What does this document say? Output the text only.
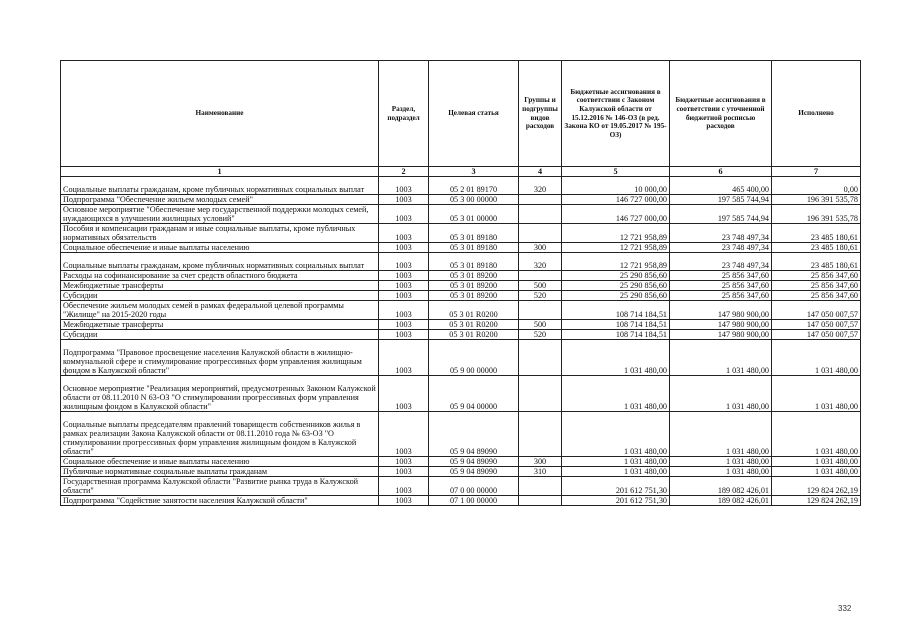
Наименование	Раздел, подраздел	Целевая статья	Группы и подгруппы видов расходов	Бюджетные ассигнования в соответствии с Законом Калужской области от 15.12.2016 № 146-ОЗ (в ред. Закона КО от 19.05.2017 № 195-ОЗ)	Бюджетные ассигнования в соответствии с уточненной бюджетной росписью расходов	Исполнено
1	2	3	4	5	6	7
Социальные выплаты гражданам, кроме публичных нормативных социальных выплат	1003	05 2 01 89170	320	10 000,00	465 400,00	0,00
Подпрограмма "Обеспечение жильем молодых семей"	1003	05 3 00 00000		146 727 000,00	197 585 744,94	196 391 535,78
Основное мероприятие "Обеспечение мер государственной поддержки молодых семей, нуждающихся в улучшении жилищных условий"	1003	05 3 01 00000		146 727 000,00	197 585 744,94	196 391 535,78
Пособия и компенсации гражданам и иные социальные выплаты, кроме публичных нормативных обязательств	1003	05 3 01 89180		12 721 958,89	23 748 497,34	23 485 180,61
Социальное обеспечение и иные выплаты населению	1003	05 3 01 89180	300	12 721 958,89	23 748 497,34	23 485 180,61
Социальные выплаты гражданам, кроме публичных нормативных социальных выплат	1003	05 3 01 89180	320	12 721 958,89	23 748 497,34	23 485 180,61
Расходы на софинансирование за счет средств областного бюджета	1003	05 3 01 89200		25 290 856,60	25 856 347,60	25 856 347,60
Межбюджетные трансферты	1003	05 3 01 89200	500	25 290 856,60	25 856 347,60	25 856 347,60
Субсидии	1003	05 3 01 89200	520	25 290 856,60	25 856 347,60	25 856 347,60
Обеспечение жильем молодых семей в рамках федеральной целевой программы "Жилище" на 2015-2020 годы	1003	05 3 01 R0200		108 714 184,51	147 980 900,00	147 050 007,57
Межбюджетные трансферты	1003	05 3 01 R0200	500	108 714 184,51	147 980 900,00	147 050 007,57
Субсидии	1003	05 3 01 R0200	520	108 714 184,51	147 980 900,00	147 050 007,57
Подпрограмма "Правовое просвещение населения Калужской области в жилищно-коммунальной сфере и стимулирование прогрессивных форм управления жилищным фондом в Калужской области"	1003	05 9 00 00000		1 031 480,00	1 031 480,00	1 031 480,00
Основное мероприятие "Реализация мероприятий, предусмотренных Законом Калужской области от 08.11.2010 N 63-ОЗ "О стимулировании прогрессивных форм управления жилищным фондом в Калужской области"	1003	05 9 04 00000		1 031 480,00	1 031 480,00	1 031 480,00
Социальные выплаты председателям правлений товариществ собственников жилья в рамках реализации Закона Калужской области от 08.11.2010 года № 63-ОЗ "О стимулировании прогрессивных форм управления жилищным фондом в Калужской области"	1003	05 9 04 89090		1 031 480,00	1 031 480,00	1 031 480,00
Социальное обеспечение и иные выплаты населению	1003	05 9 04 89090	300	1 031 480,00	1 031 480,00	1 031 480,00
Публичные нормативные социальные выплаты гражданам	1003	05 9 04 89090	310	1 031 480,00	1 031 480,00	1 031 480,00
Государственная программа Калужской области "Развитие рынка труда в Калужской области"	1003	07 0 00 00000		201 612 751,30	189 082 426,01	129 824 262,19
Подпрограмма "Содействие занятости населения Калужской области"	1003	07 1 00 00000		201 612 751,30	189 082 426,01	129 824 262,19
332
